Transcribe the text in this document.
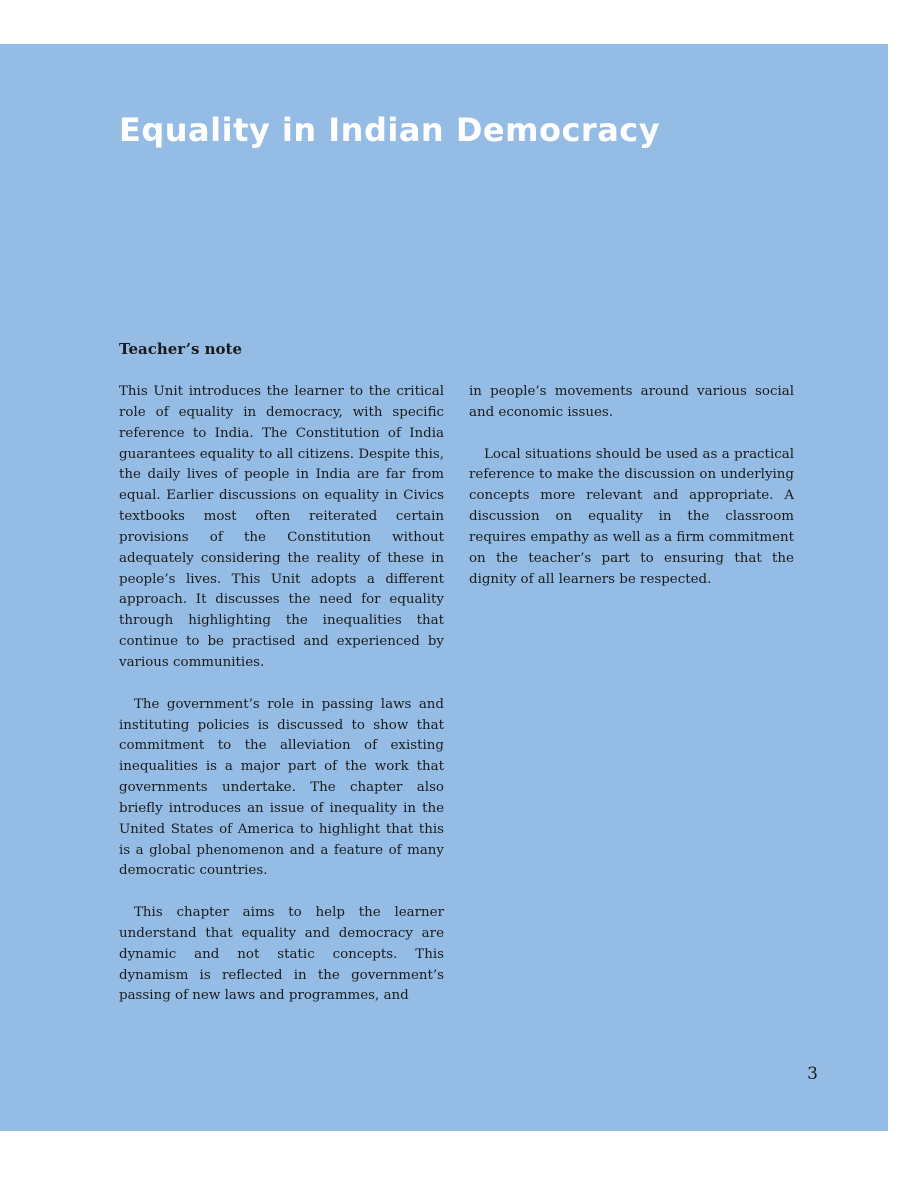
Equality in Indian Democracy
Teacher’s note

This Unit introduces the learner to the critical role of equality in democracy, with specific reference to India. The Constitution of India guarantees equality to all citizens. Despite this, the daily lives of people in India are far from equal. Earlier discussions on equality in Civics textbooks most often reiterated certain provisions of the Constitution without adequately considering the reality of these in people’s lives. This Unit adopts a different approach. It discusses the need for equality through highlighting the inequalities that continue to be practised and experienced by various communities.

The government’s role in passing laws and instituting policies is discussed to show that commitment to the alleviation of existing inequalities is a major part of the work that governments undertake. The chapter also briefly introduces an issue of inequality in the United States of America to highlight that this is a global phenomenon and a feature of many democratic countries.

This chapter aims to help the learner understand that equality and democracy are dynamic and not static concepts. This dynamism is reflected in the government’s passing of new laws and programmes, and

in people’s movements around various social and economic issues.

Local situations should be used as a practical reference to make the discussion on underlying concepts more relevant and appropriate. A discussion on equality in the classroom requires empathy as well as a firm commitment on the teacher’s part to ensuring that the dignity of all learners be respected.

3
